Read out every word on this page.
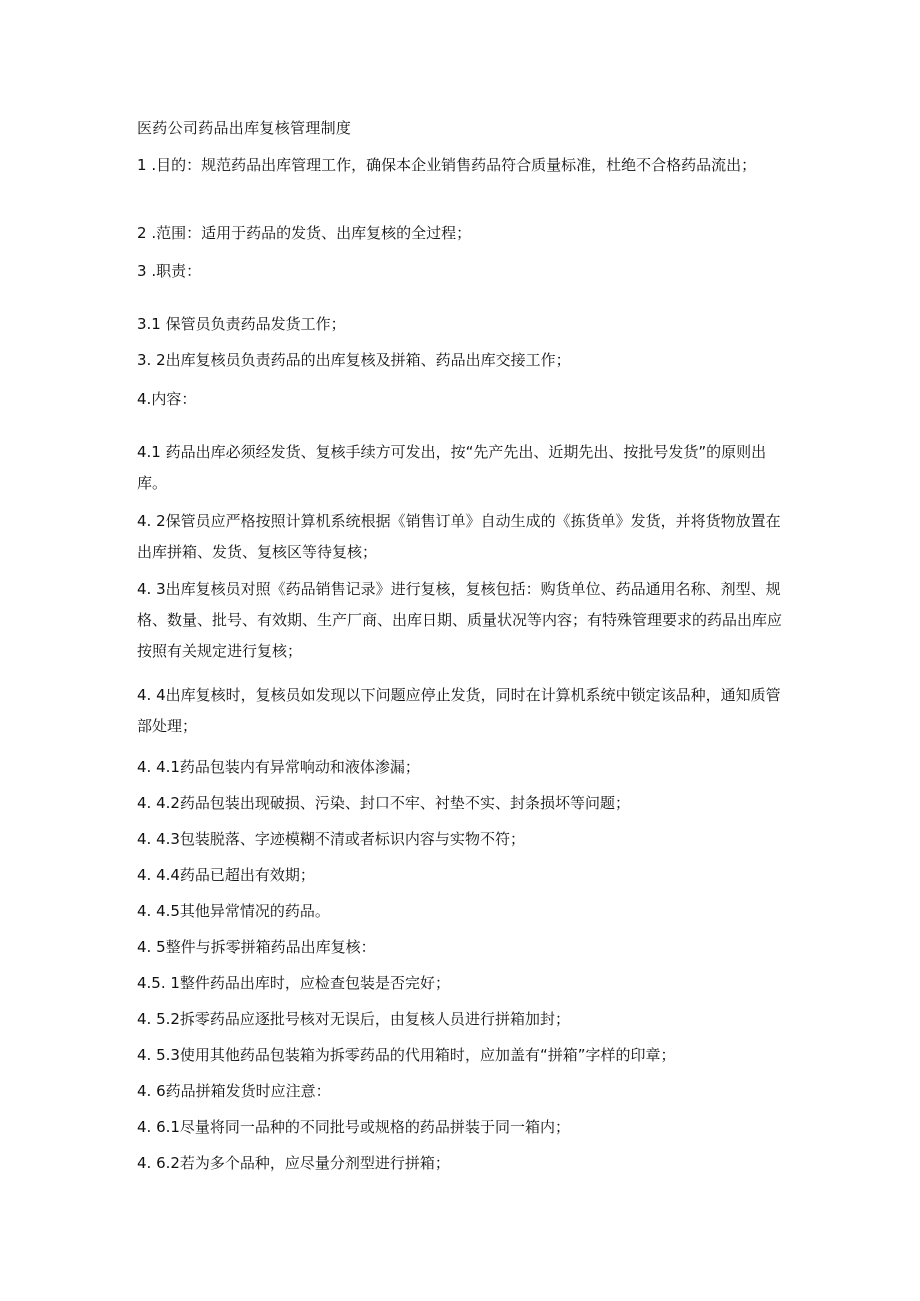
医药公司药品出库复核管理制度
1 .目的：规范药品出库管理工作，确保本企业销售药品符合质量标准，杜绝不合格药品流出；
2 .范围：适用于药品的发货、出库复核的全过程；
3 .职责：
3.1 保管员负责药品发货工作；
3. 2出库复核员负责药品的出库复核及拼箱、药品出库交接工作；
4.内容：
4.1 药品出库必须经发货、复核手续方可发出，按“先产先出、近期先出、按批号发货”的原则出库。
4. 2保管员应严格按照计算机系统根据《销售订单》自动生成的《拣货单》发货，并将货物放置在出库拼箱、发货、复核区等待复核；
4. 3出库复核员对照《药品销售记录》进行复核，复核包括：购货单位、药品通用名称、剂型、规格、数量、批号、有效期、生产厂商、出库日期、质量状况等内容；有特殊管理要求的药品出库应按照有关规定进行复核；
4. 4出库复核时，复核员如发现以下问题应停止发货，同时在计算机系统中锁定该品种，通知质管部处理；
4. 4.1药品包装内有异常响动和液体渗漏；
4. 4.2药品包装出现破损、污染、封口不牢、衬垫不实、封条损坏等问题；
4. 4.3包装脱落、字迹模糊不清或者标识内容与实物不符；
4. 4.4药品已超出有效期；
4. 4.5其他异常情况的药品。
4. 5整件与拆零拼箱药品出库复核：
4.5. 1整件药品出库时，应检查包装是否完好；
4. 5.2拆零药品应逐批号核对无误后，由复核人员进行拼箱加封；
4. 5.3使用其他药品包装箱为拆零药品的代用箱时，应加盖有“拼箱”字样的印章；
4. 6药品拼箱发货时应注意：
4. 6.1尽量将同一品种的不同批号或规格的药品拼装于同一箱内；
4. 6.2若为多个品种，应尽量分剂型进行拼箱；
